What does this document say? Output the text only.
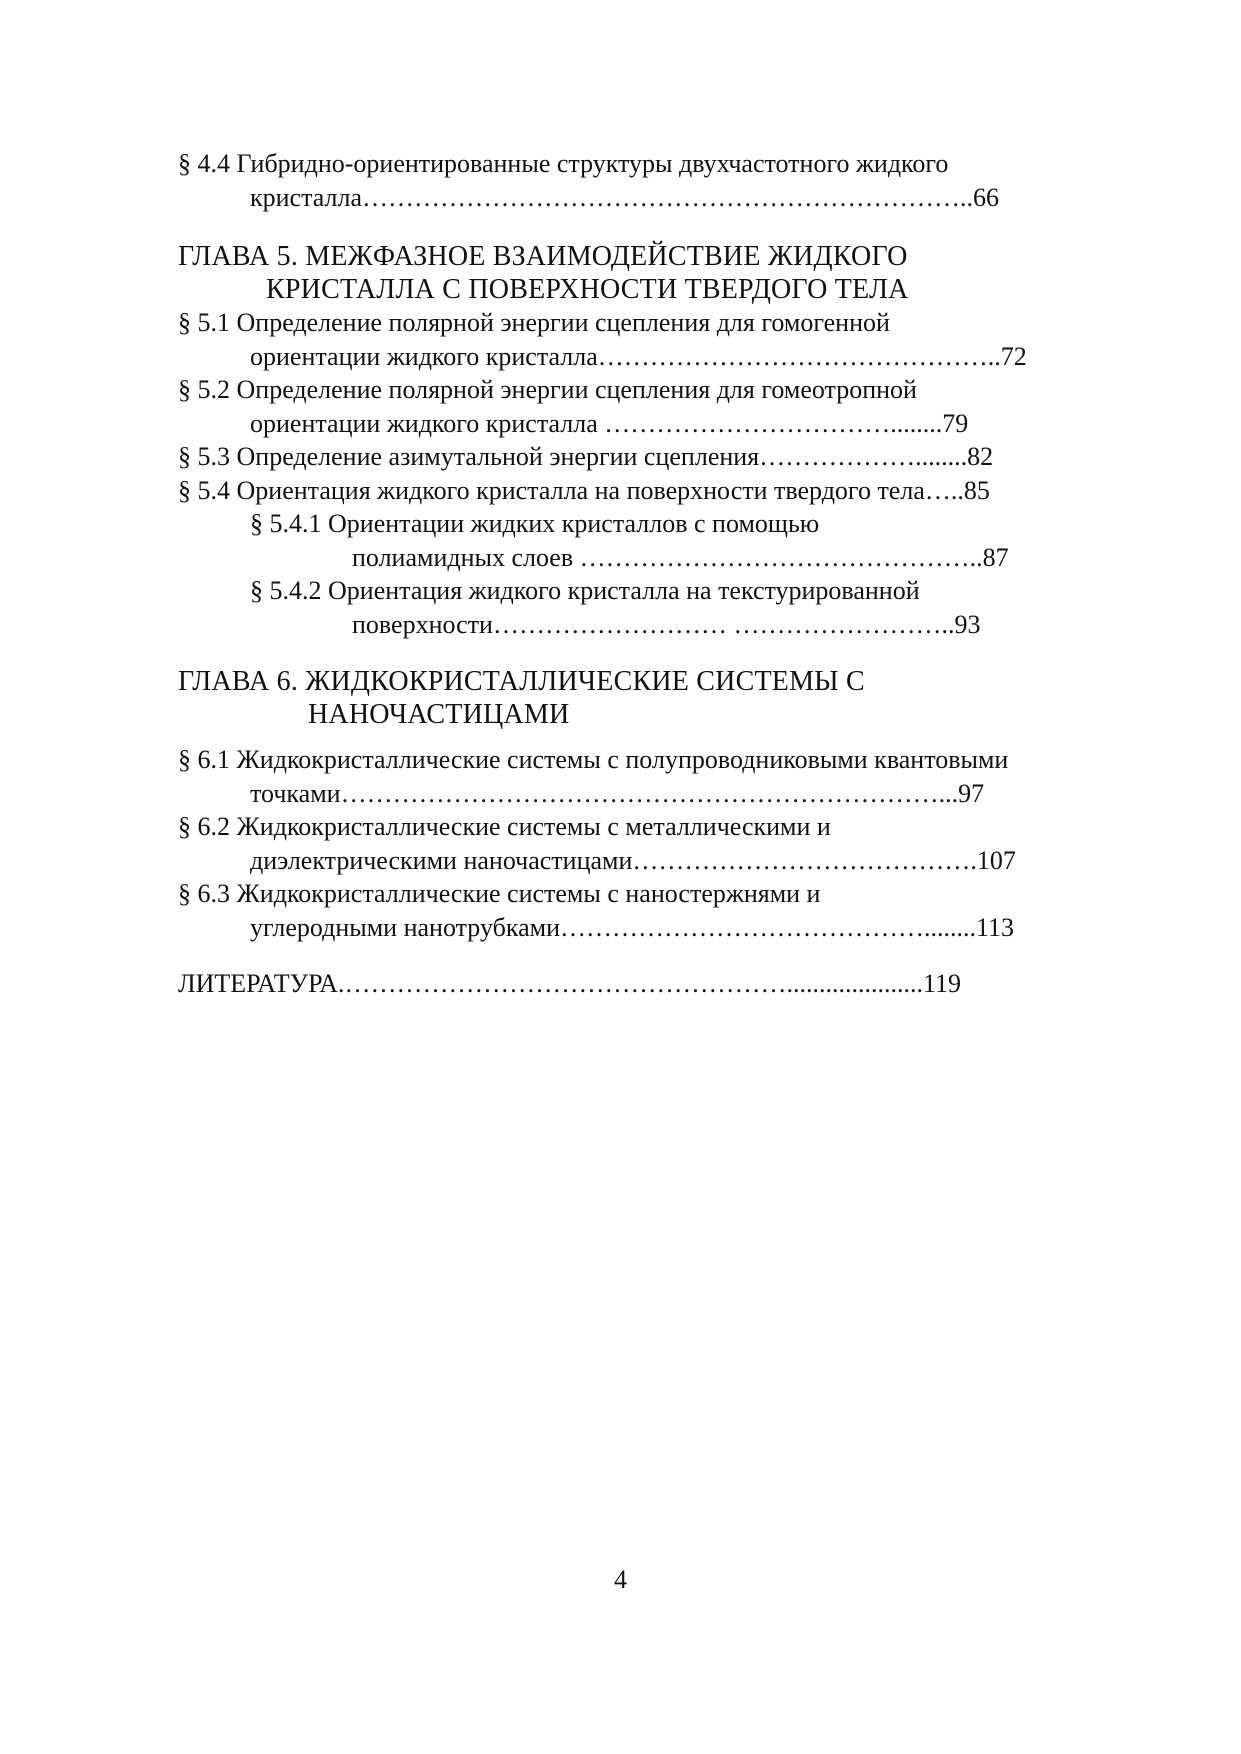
§ 4.4 Гибридно-ориентированные структуры двухчастотного жидкого
кристалла……………………………………………………………..66
ГЛАВА 5. МЕЖФАЗНОЕ ВЗАИМОДЕЙСТВИЕ ЖИДКОГО
КРИСТАЛЛА С ПОВЕРХНОСТИ ТВЕРДОГО ТЕЛА
§ 5.1 Определение полярной энергии сцепления для гомогенной
ориентации жидкого кристалла………………………………………..72
§ 5.2 Определение полярной энергии сцепления для гомеотропной
ориентации жидкого кристалла ……………………………........79
§ 5.3 Определение азимутальной энергии сцепления………………........82
§ 5.4 Ориентация жидкого кристалла на поверхности твердого тела…..85
§ 5.4.1 Ориентации жидких кристаллов с помощью
полиамидных слоев ………………………………………..87
§ 5.4.2 Ориентация жидкого кристалла на текстурированной
поверхности……………………… ……………………..93
ГЛАВА 6. ЖИДКОКРИСТАЛЛИЧЕСКИЕ СИСТЕМЫ С
НАНОЧАСТИЦАМИ
§ 6.1 Жидкокристаллические системы с полупроводниковыми квантовыми
точками……………………………………………………………...97
§ 6.2 Жидкокристаллические системы с металлическими и
диэлектрическими наночастицами………………………………….107
§ 6.3 Жидкокристаллические системы с наностержнями и
углеродными нанотрубками……………………………………........113
ЛИТЕРАТУРА.…………………………………………….....................119
4
